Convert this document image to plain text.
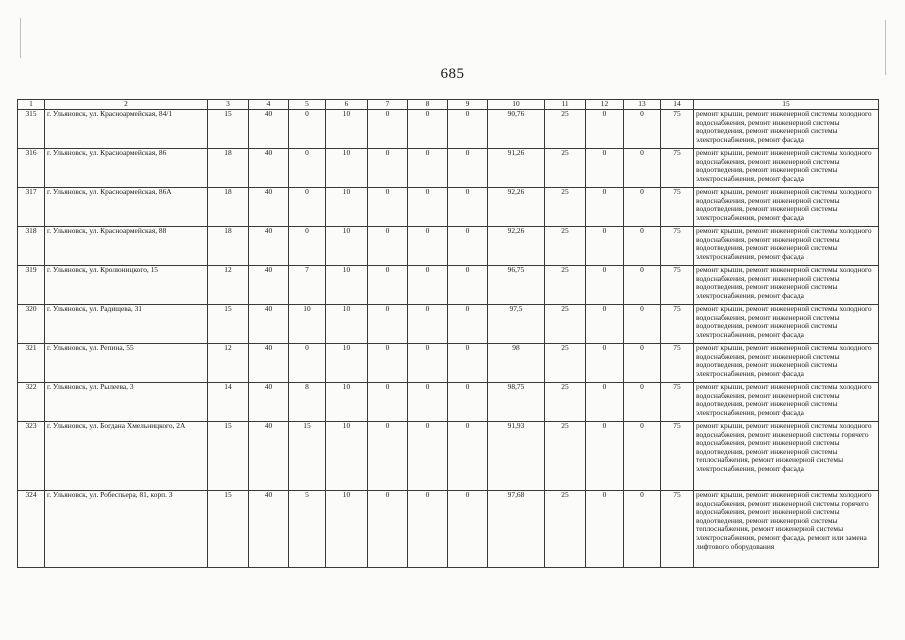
685
1	2	3	4	5	6	7	8	9	10	11	12	13	14	15
315	г. Ульяновск, ул. Красноармейская, 84/1	15	40	0	10	0	0	0	90,76	25	0	0	75	ремонт крыши, ремонт инженерной системы холодного водоснабжения, ремонт инженерной системы водоотведения, ремонт инженерной системы электроснабжения, ремонт фасада
316	г. Ульяновск, ул. Красноармейская, 86	18	40	0	10	0	0	0	91,26	25	0	0	75	ремонт крыши, ремонт инженерной системы холодного водоснабжения, ремонт инженерной системы водоотведения, ремонт инженерной системы электроснабжения, ремонт фасада
317	г. Ульяновск, ул. Красноармейская, 86А	18	40	0	10	0	0	0	92,26	25	0	0	75	ремонт крыши, ремонт инженерной системы холодного водоснабжения, ремонт инженерной системы водоотведения, ремонт инженерной системы электроснабжения, ремонт фасада
318	г. Ульяновск, ул. Красноармейская, 88	18	40	0	10	0	0	0	92,26	25	0	0	75	ремонт крыши, ремонт инженерной системы холодного водоснабжения, ремонт инженерной системы водоотведения, ремонт инженерной системы электроснабжения, ремонт фасада
319	г. Ульяновск, ул. Кролюницкого, 15	12	40	7	10	0	0	0	96,75	25	0	0	75	ремонт крыши, ремонт инженерной системы холодного водоснабжения, ремонт инженерной системы водоотведения, ремонт инженерной системы электроснабжения, ремонт фасада
320	г. Ульяновск, ул. Радищева, 31	15	40	10	10	0	0	0	97,5	25	0	0	75	ремонт крыши, ремонт инженерной системы холодного водоснабжения, ремонт инженерной системы водоотведения, ремонт инженерной системы электроснабжения, ремонт фасада
321	г. Ульяновск, ул. Репина, 55	12	40	0	10	0	0	0	98	25	0	0	75	ремонт крыши, ремонт инженерной системы холодного водоснабжения, ремонт инженерной системы водоотведения, ремонт инженерной системы электроснабжения, ремонт фасада
322	г. Ульяновск, ул. Рылеева, 3	14	40	8	10	0	0	0	98,75	25	0	0	75	ремонт крыши, ремонт инженерной системы холодного водоснабжения, ремонт инженерной системы водоотведения, ремонт инженерной системы электроснабжения, ремонт фасада
323	г. Ульяновск, ул. Богдана Хмельницкого, 2А	15	40	15	10	0	0	0	91,93	25	0	0	75	ремонт крыши, ремонт инженерной системы холодного водоснабжения, ремонт инженерной системы горячего водоснабжения, ремонт инженерной системы водоотведения, ремонт инженерной системы теплоснабжения, ремонт инженерной системы электроснабжения, ремонт фасада
324	г. Ульяновск, ул. Робеспьера, 81, корп. 3	15	40	5	10	0	0	0	97,68	25	0	0	75	ремонт крыши, ремонт инженерной системы холодного водоснабжения, ремонт инженерной системы горячего водоснабжения, ремонт инженерной системы водоотведения, ремонт инженерной системы теплоснабжения, ремонт инженерной системы электроснабжения, ремонт фасада, ремонт или замена лифтового оборудования
